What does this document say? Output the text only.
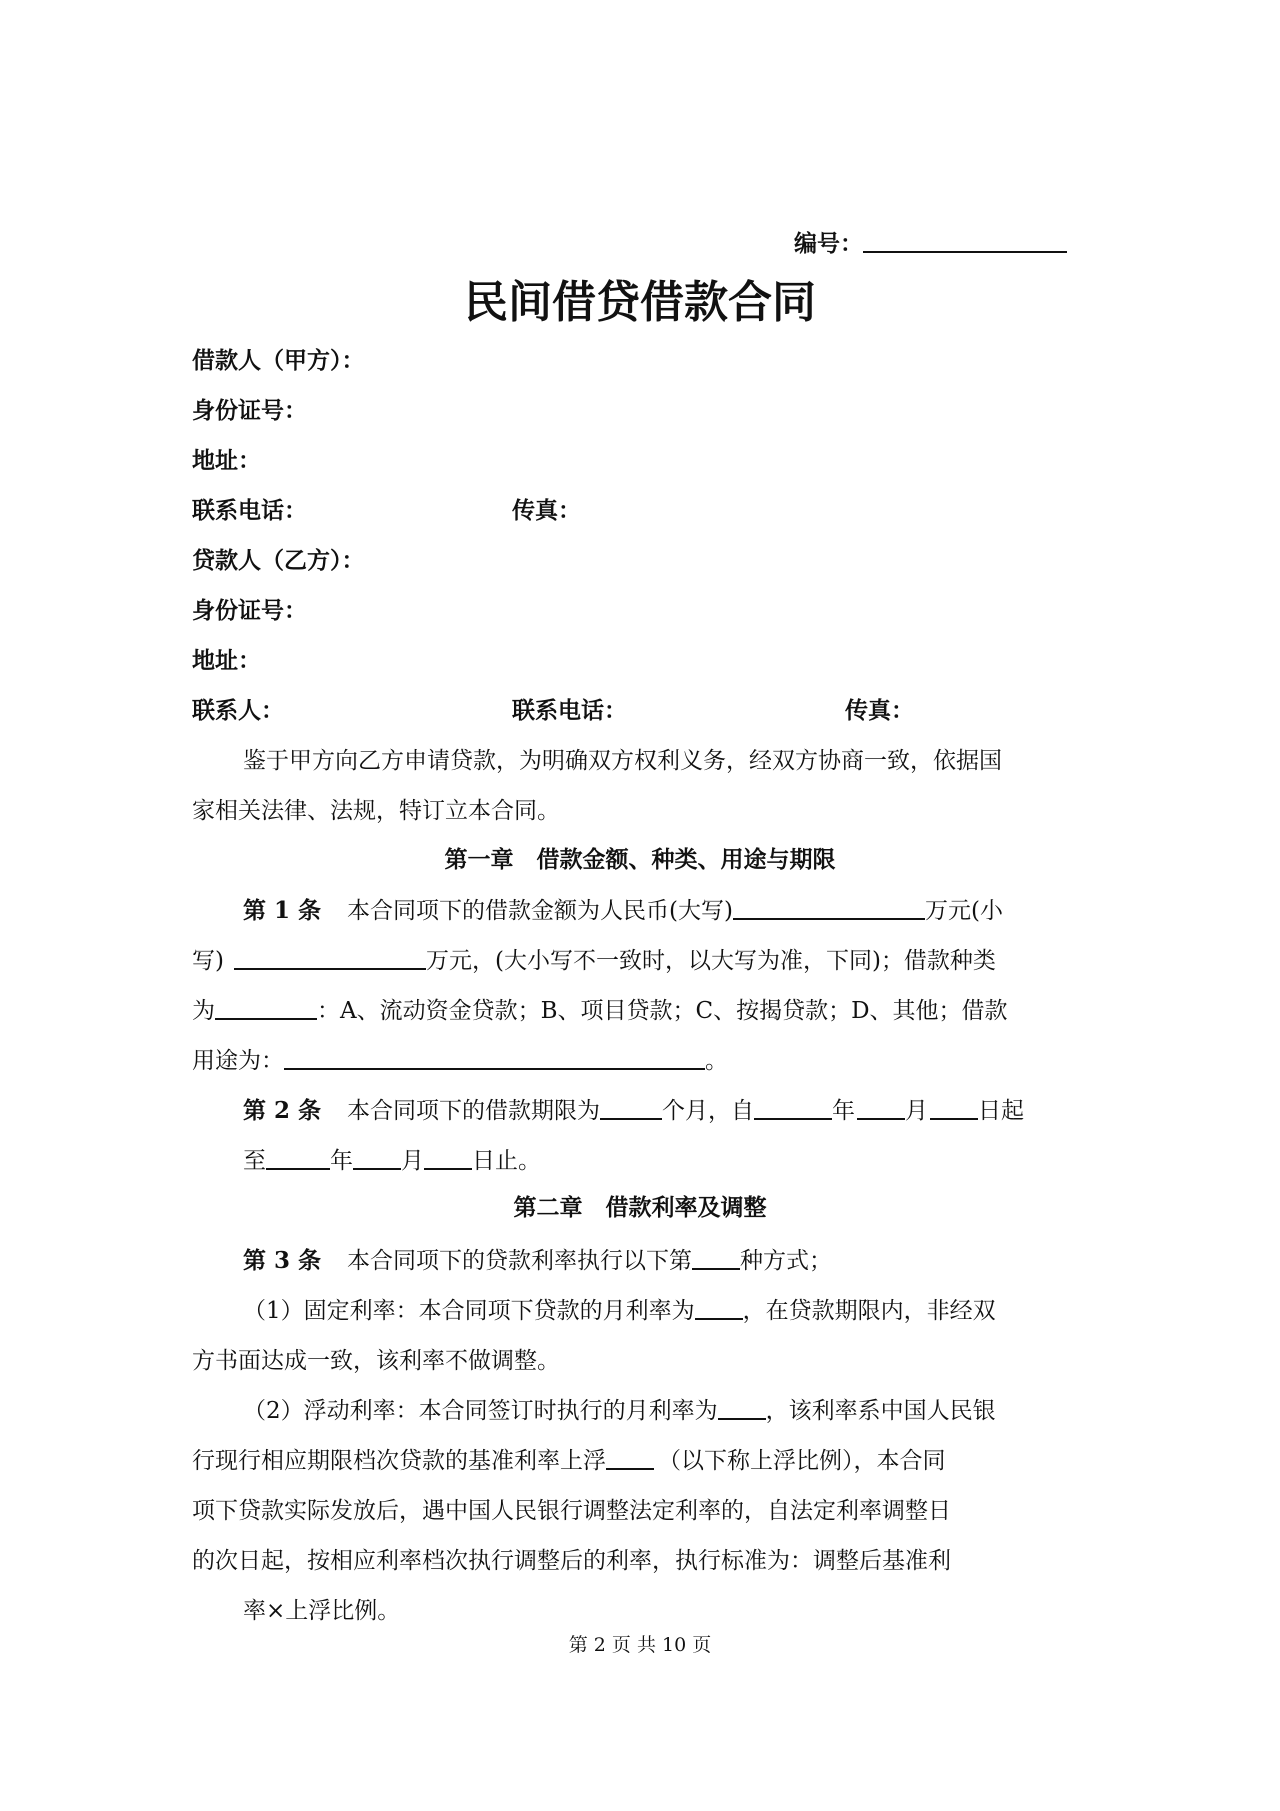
编号：
民间借贷借款合同
借款人（甲方）：
身份证号：
地址：
联系电话：	传真：
贷款人（乙方）：
身份证号：
地址：
联系人：	联系电话：	传真：
鉴于甲方向乙方申请贷款，为明确双方权利义务，经双方协商一致，依据国
家相关法律、法规，特订立本合同。
第一章　借款金额、种类、用途与期限
第 1 条 本合同项下的借款金额为人民币(大写)	万元(小
写)	万元，(大小写不一致时，以大写为准，下同)；借款种类
为	：A、流动资金贷款；B、项目贷款；C、按揭贷款；D、其他；借款
用途为：	。
第 2 条 本合同项下的借款期限为	个月，自	年 月 日起
至	年 月 日止。
第二章　借款利率及调整
第 3 条 本合同项下的贷款利率执行以下第 种方式；
（1）固定利率：本合同项下贷款的月利率为 ，在贷款期限内，非经双
方书面达成一致，该利率不做调整。
（2）浮动利率：本合同签订时执行的月利率为 ，该利率系中国人民银
行现行相应期限档次贷款的基准利率上浮 （以下称上浮比例），本合同
项下贷款实际发放后，遇中国人民银行调整法定利率的，自法定利率调整日
的次日起，按相应利率档次执行调整后的利率，执行标准为：调整后基准利
率×上浮比例。
第 2 页 共 10 页
